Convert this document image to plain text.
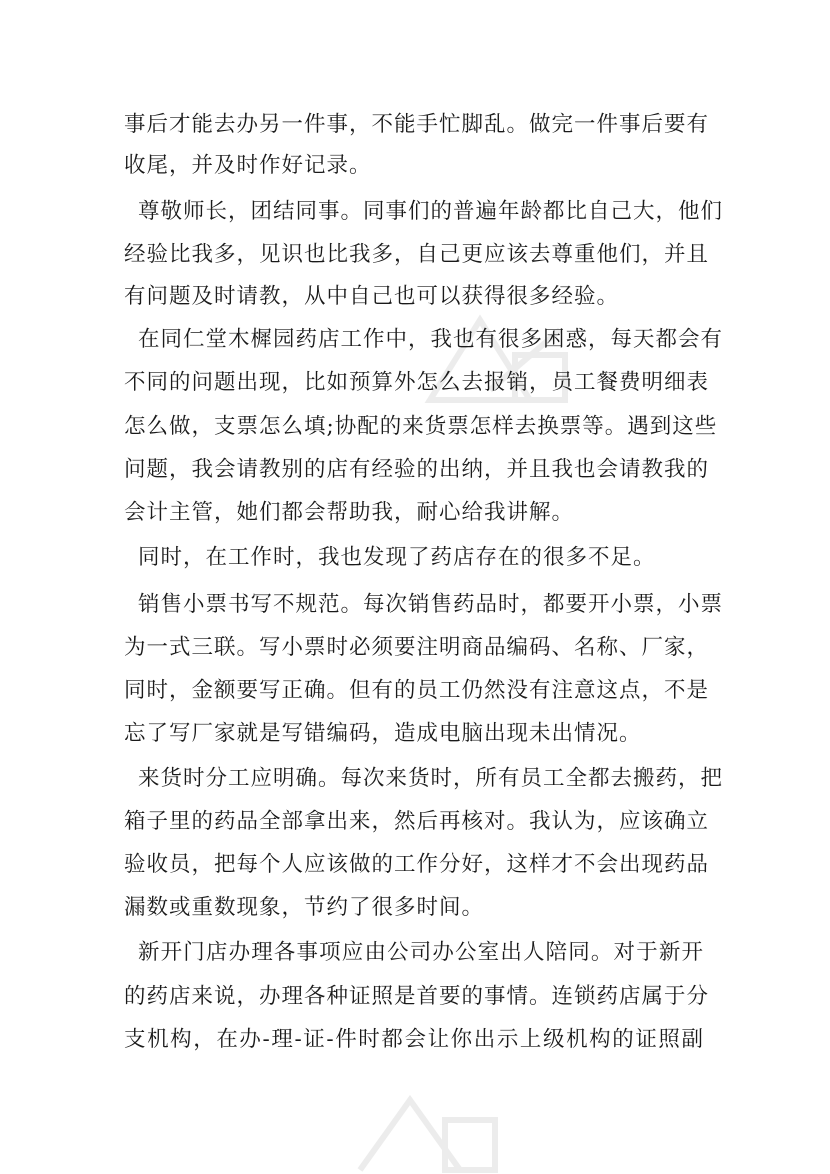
事后才能去办另一件事，不能手忙脚乱。做完一件事后要有
收尾，并及时作好记录。
尊敬师长，团结同事。同事们的普遍年龄都比自己大，他们
经验比我多，见识也比我多，自己更应该去尊重他们，并且
有问题及时请教，从中自己也可以获得很多经验。
在同仁堂木樨园药店工作中，我也有很多困惑，每天都会有
不同的问题出现，比如预算外怎么去报销，员工餐费明细表
怎么做，支票怎么填;协配的来货票怎样去换票等。遇到这些
问题，我会请教别的店有经验的出纳，并且我也会请教我的
会计主管，她们都会帮助我，耐心给我讲解。
同时，在工作时，我也发现了药店存在的很多不足。
销售小票书写不规范。每次销售药品时，都要开小票，小票
为一式三联。写小票时必须要注明商品编码、名称、厂家，
同时，金额要写正确。但有的员工仍然没有注意这点，不是
忘了写厂家就是写错编码，造成电脑出现未出情况。
来货时分工应明确。每次来货时，所有员工全都去搬药，把
箱子里的药品全部拿出来，然后再核对。我认为，应该确立
验收员，把每个人应该做的工作分好，这样才不会出现药品
漏数或重数现象，节约了很多时间。
新开门店办理各事项应由公司办公室出人陪同。对于新开
的药店来说，办理各种证照是首要的事情。连锁药店属于分
支机构，在办-理-证-件时都会让你出示上级机构的证照副
